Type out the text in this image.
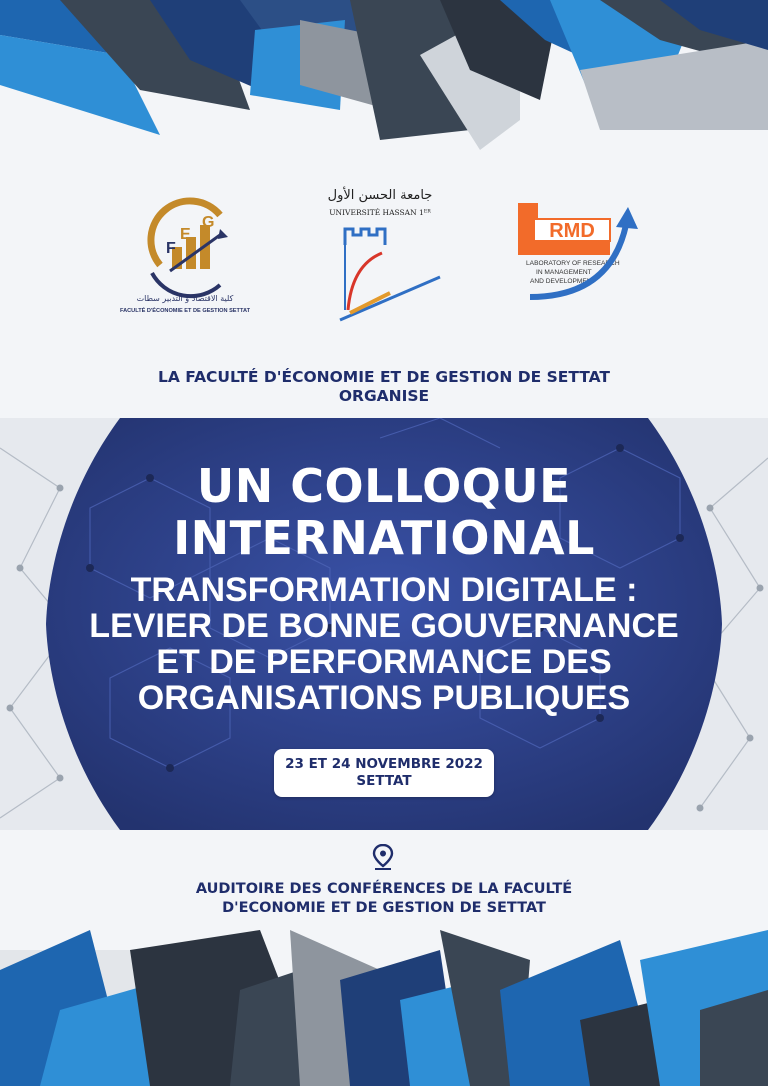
F
E
G
كلية الاقتصاد و التدبير سطات
FACULTÉ D'ÉCONOMIE ET DE GESTION SETTAT
جامعة الحسن الأول
UNIVERSITÉ HASSAN 1ᴱᴿ
RMD
LABORATORY OF RESEARCH
IN MANAGEMENT
AND DEVELOPMENT
LA FACULTÉ D'ÉCONOMIE ET DE GESTION DE SETTAT
ORGANISE
UN COLLOQUE
INTERNATIONAL
TRANSFORMATION DIGITALE :
LEVIER DE BONNE GOUVERNANCE
ET DE PERFORMANCE DES
ORGANISATIONS PUBLIQUES
23 ET 24 NOVEMBRE 2022
SETTAT
AUDITOIRE DES CONFÉRENCES DE LA FACULTÉ
D'ECONOMIE ET DE GESTION DE SETTAT
